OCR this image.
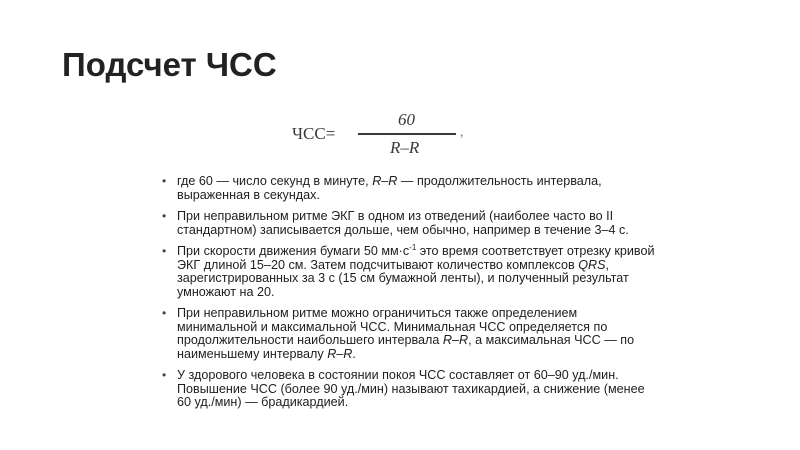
Подсчет ЧСС
ЧСС=
60
R–R
,
• где 60 — число секунд в минуте, R–R — продолжительность интервала, выраженная в секундах.
• При неправильном ритме ЭКГ в одном из отведений (наиболее часто во II стандартном) записывается дольше, чем обычно, например в течение 3–4 с.
• При скорости движения бумаги 50 $мм\cdot с^{-1}$ это время соответствует отрезку кривой ЭКГ длиной 15–20 см. Затем подсчитывают количество комплексов QRS, зарегистрированных за 3 с (15 см бумажной ленты), и полученный результат умножают на 20.
• При неправильном ритме можно ограничиться также определением минимальной и максимальной ЧСС. Минимальная ЧСС определяется по продолжительности наибольшего интервала R–R, а максимальная ЧСС — по наименьшему интервалу R–R.
• У здорового человека в состоянии покоя ЧСС составляет от 60–90 уд./мин. Повышение ЧСС (более 90 уд./мин) называют тахикардией, а снижение (менее 60 уд./мин) — брадикардией.
